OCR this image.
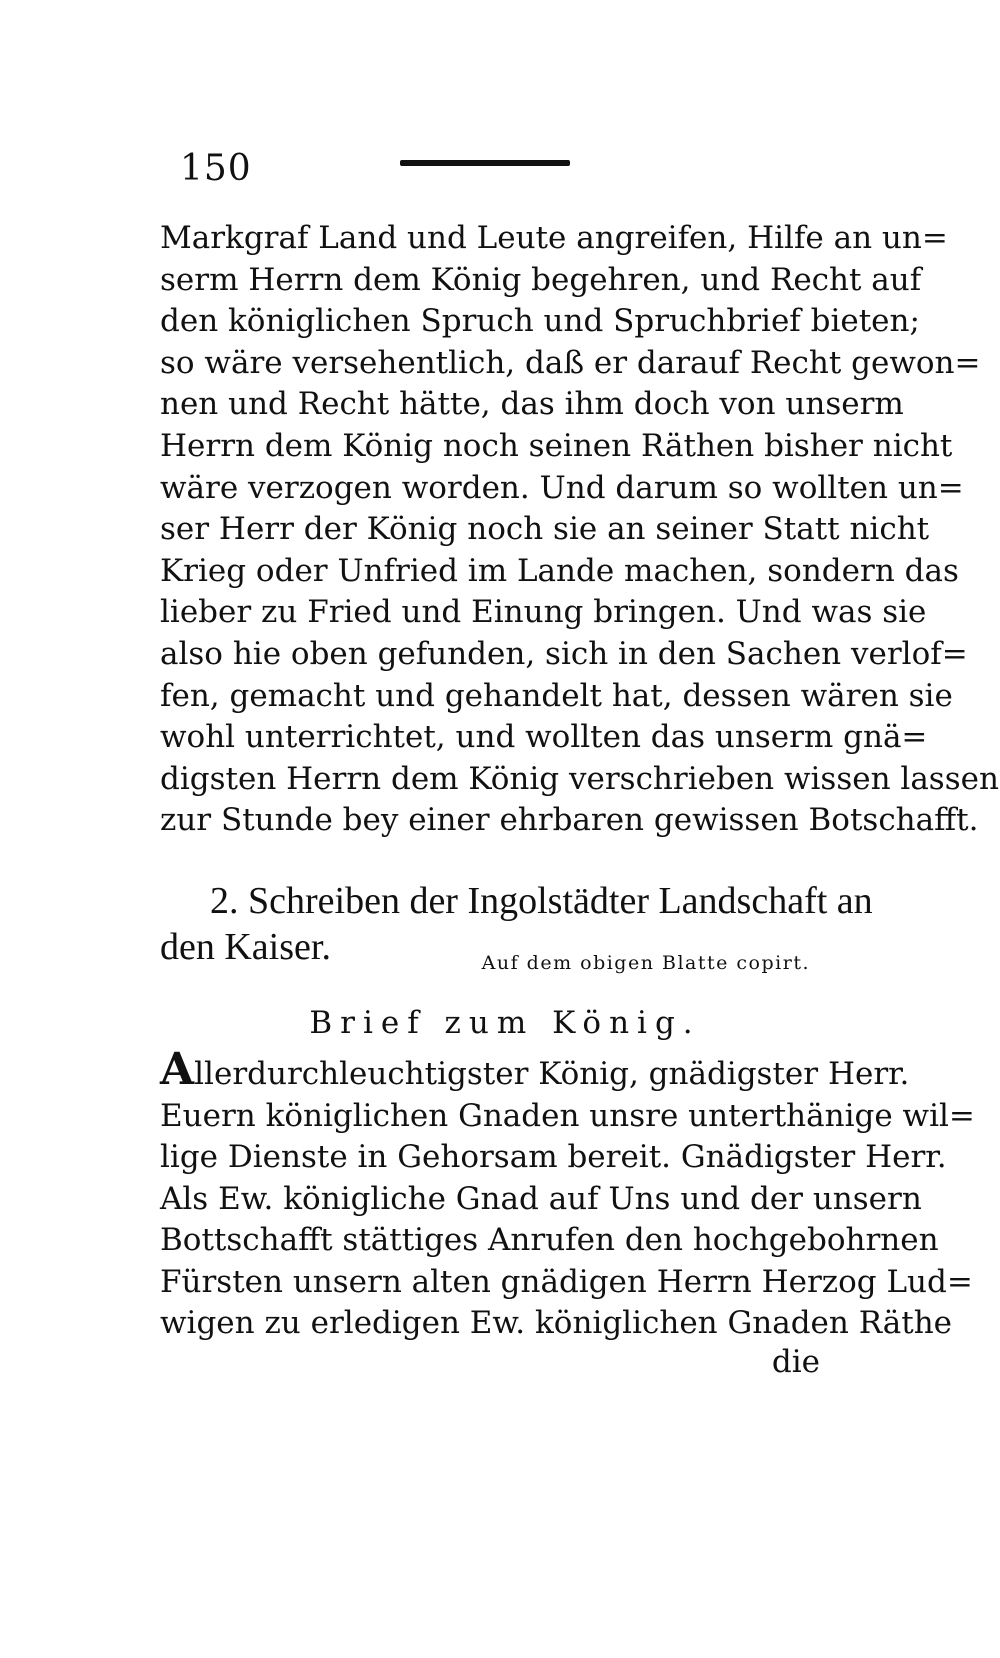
150
Markgraf Land und Leute angreifen, Hilfe an un=
serm Herrn dem König begehren, und Recht auf
den königlichen Spruch und Spruchbrief bieten;
so wäre versehentlich, daß er darauf Recht gewon=
nen und Recht hätte, das ihm doch von unserm
Herrn dem König noch seinen Räthen bisher nicht
wäre verzogen worden. Und darum so wollten un=
ser Herr der König noch sie an seiner Statt nicht
Krieg oder Unfried im Lande machen, sondern das
lieber zu Fried und Einung bringen. Und was sie
also hie oben gefunden, sich in den Sachen verlof=
fen, gemacht und gehandelt hat, dessen wären sie
wohl unterrichtet, und wollten das unserm gnä=
digsten Herrn dem König verschrieben wissen lassen
zur Stunde bey einer ehrbaren gewissen Botschafft.
2. Schreiben der Ingolstädter Landschaft an
den Kaiser.	Auf dem obigen Blatte copirt.
Brief zum König.
Allerdurchleuchtigster König, gnädigster Herr.
Euern königlichen Gnaden unsre unterthänige wil=
lige Dienste in Gehorsam bereit. Gnädigster Herr.
Als Ew. königliche Gnad auf Uns und der unsern
Bottschafft stättiges Anrufen den hochgebohrnen
Fürsten unsern alten gnädigen Herrn Herzog Lud=
wigen zu erledigen Ew. königlichen Gnaden Räthe
die
